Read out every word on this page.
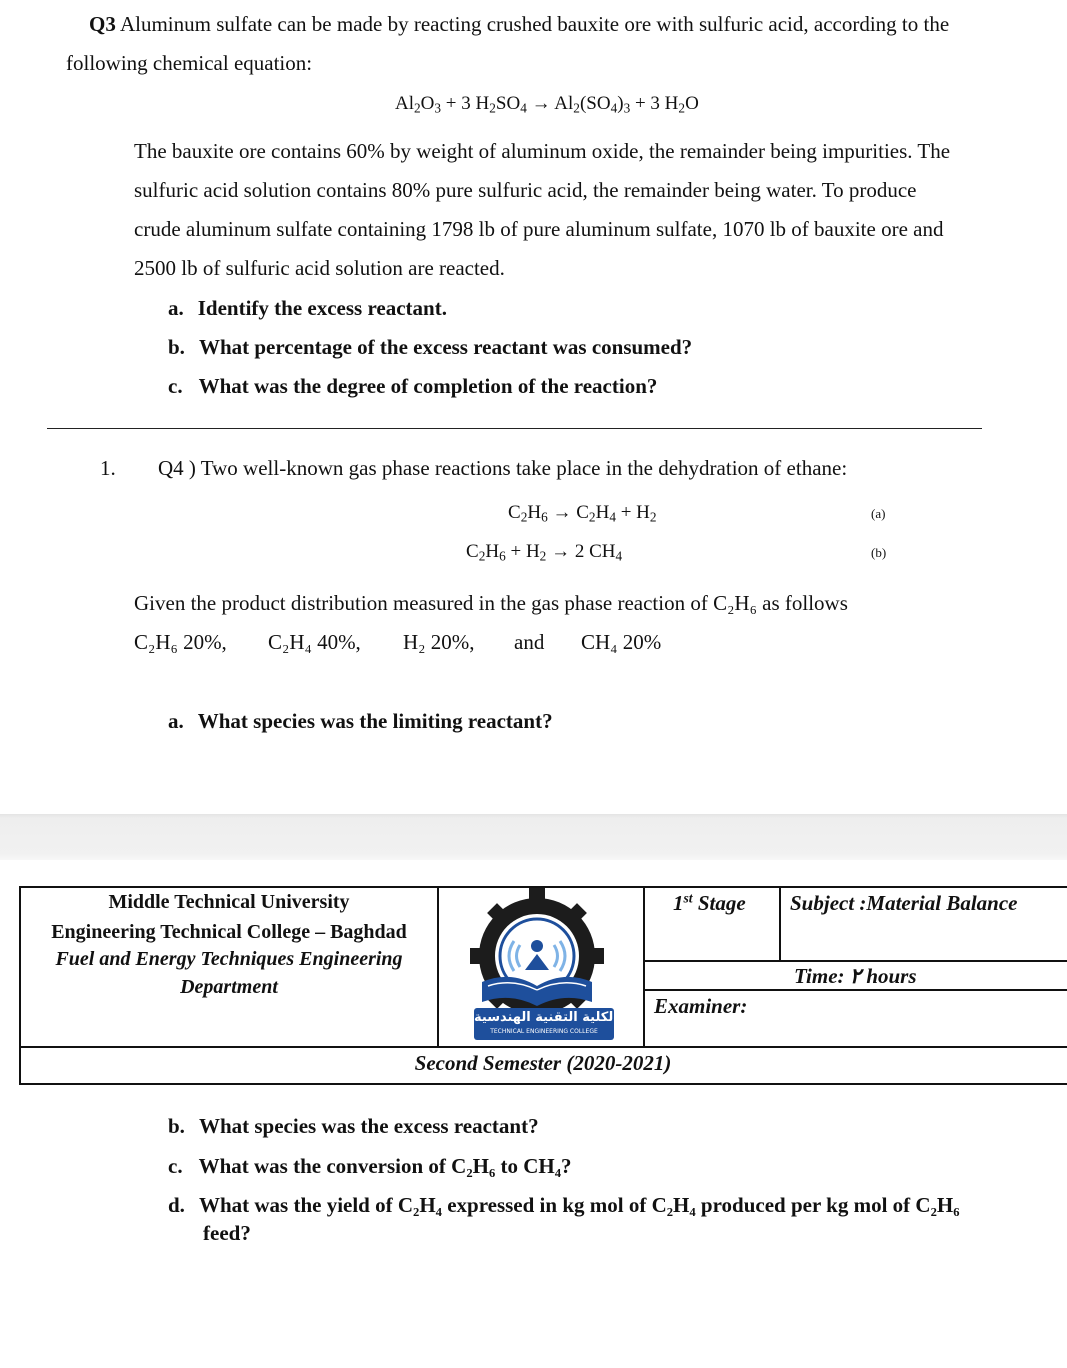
Q3 Aluminum sulfate can be made by reacting crushed bauxite ore with sulfuric acid, according to the
following chemical equation:
$Al_2O_3 + 3$ $H_2SO_4 \to Al_2(SO_4)_3 + 3$ $H_2O$
The bauxite ore contains 60% by weight of aluminum oxide, the remainder being impurities. The
sulfuric acid solution contains 80% pure sulfuric acid, the remainder being water. To produce
crude aluminum sulfate containing 1798 lb of pure aluminum sulfate, 1070 lb of bauxite ore and
2500 lb of sulfuric acid solution are reacted.
a. Identify the excess reactant.
b. What percentage of the excess reactant was consumed?
c. What was the degree of completion of the reaction?
1. Q4 ) Two well-known gas phase reactions take place in the dehydration of ethane:
$C_2H_6 \to C_2H_4 + H_2$	(a)
$C_2H_6 + H_2 \to 2$ $CH_4$	(b)
Given the product distribution measured in the gas phase reaction of C₂H₆ as follows
C₂H₆ 20%, C₂H₄ 40%, H₂ 20%, and CH₄ 20%
a. What species was the limiting reactant?
Middle Technical University
Engineering Technical College – Baghdad
Fuel and Energy Techniques Engineering
Department
الكلية التقنية الهندسية
TECHNICAL ENGINEERING COLLEGE
1st Stage Subject :Material Balance
Time: ٢ hours
Examiner:
Second Semester (2020-2021)
b. What species was the excess reactant?
c. What was the conversion of C₂H₆ to CH₄?
d. What was the yield of C₂H₄ expressed in kg mol of C₂H₄ produced per kg mol of C₂H₆
feed?
